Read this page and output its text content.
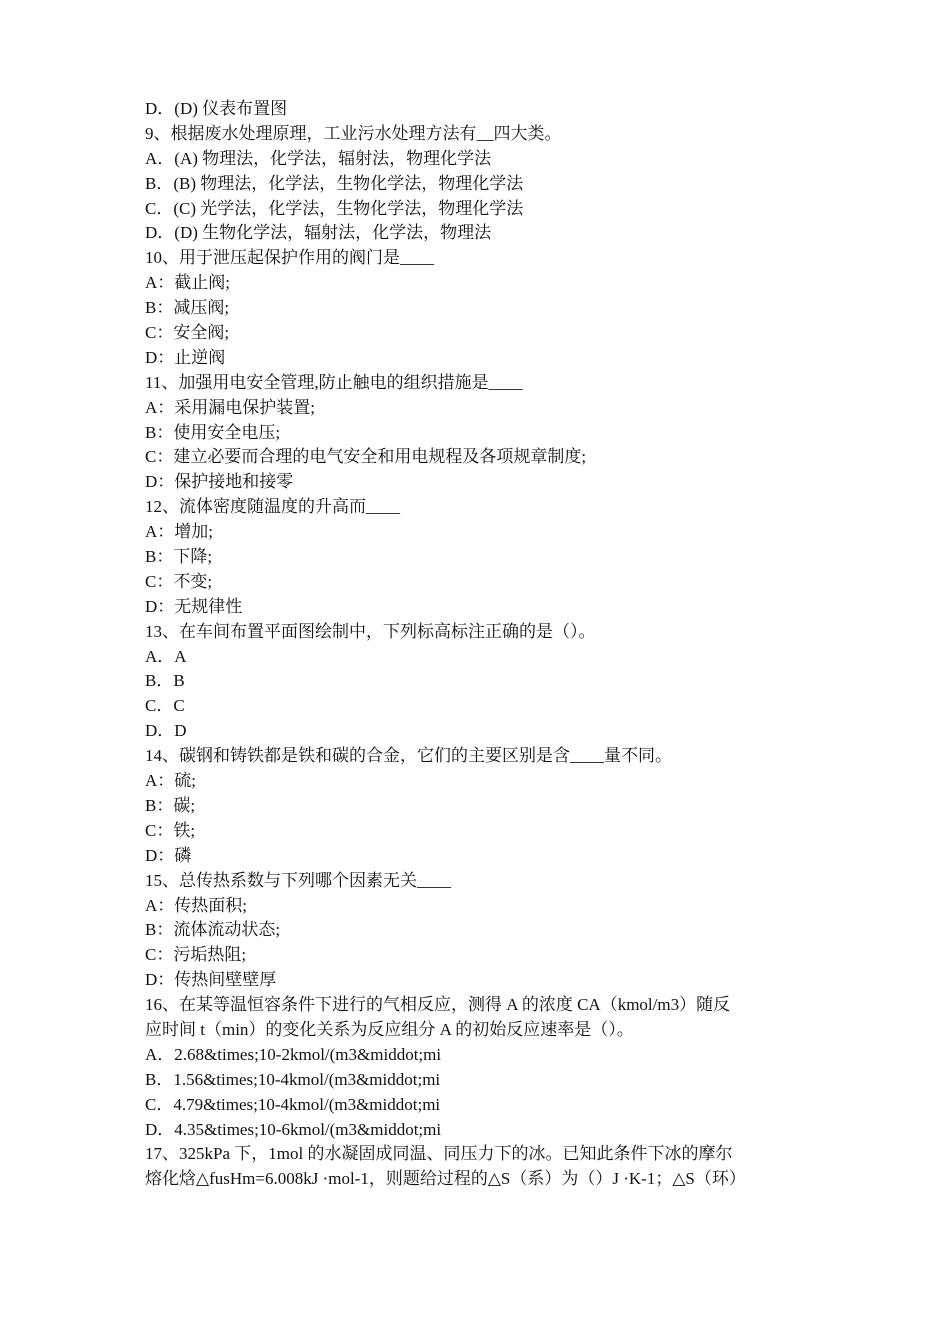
D．(D) 仪表布置图

9、根据废水处理原理，工业污水处理方法有__四大类。

A．(A) 物理法，化学法，辐射法，物理化学法

B．(B) 物理法，化学法，生物化学法，物理化学法

C．(C) 光学法，化学法，生物化学法，物理化学法

D．(D) 生物化学法，辐射法，化学法，物理法

10、用于泄压起保护作用的阀门是____

A：截止阀;

B：减压阀;

C：安全阀;

D：止逆阀

11、加强用电安全管理,防止触电的组织措施是____

A：采用漏电保护装置;

B：使用安全电压;

C：建立必要而合理的电气安全和用电规程及各项规章制度;

D：保护接地和接零

12、流体密度随温度的升高而____

A：增加;

B：下降;

C：不变;

D：无规律性

13、在车间布置平面图绘制中，下列标高标注正确的是（）。

A．A

B．B

C．C

D．D

14、碳钢和铸铁都是铁和碳的合金，它们的主要区别是含____量不同。

A：硫;

B：碳;

C：铁;

D：磷

15、总传热系数与下列哪个因素无关____

A：传热面积;

B：流体流动状态;

C：污垢热阻;

D：传热间壁壁厚

16、在某等温恒容条件下进行的气相反应，测得 A 的浓度 CA（kmol/m3）随反

应时间 t（min）的变化关系为反应组分 A 的初始反应速率是（）。

A．2.68&times;10-2kmol/(m3&middot;mi

B．1.56&times;10-4kmol/(m3&middot;mi

C．4.79&times;10-4kmol/(m3&middot;mi

D．4.35&times;10-6kmol/(m3&middot;mi

17、325kPa 下，1mol 的水凝固成同温、同压力下的冰。已知此条件下冰的摩尔

熔化焓△fusHm=6.008kJ ·mol-1，则题给过程的△S（系）为（）J ·K-1；△S（环）
